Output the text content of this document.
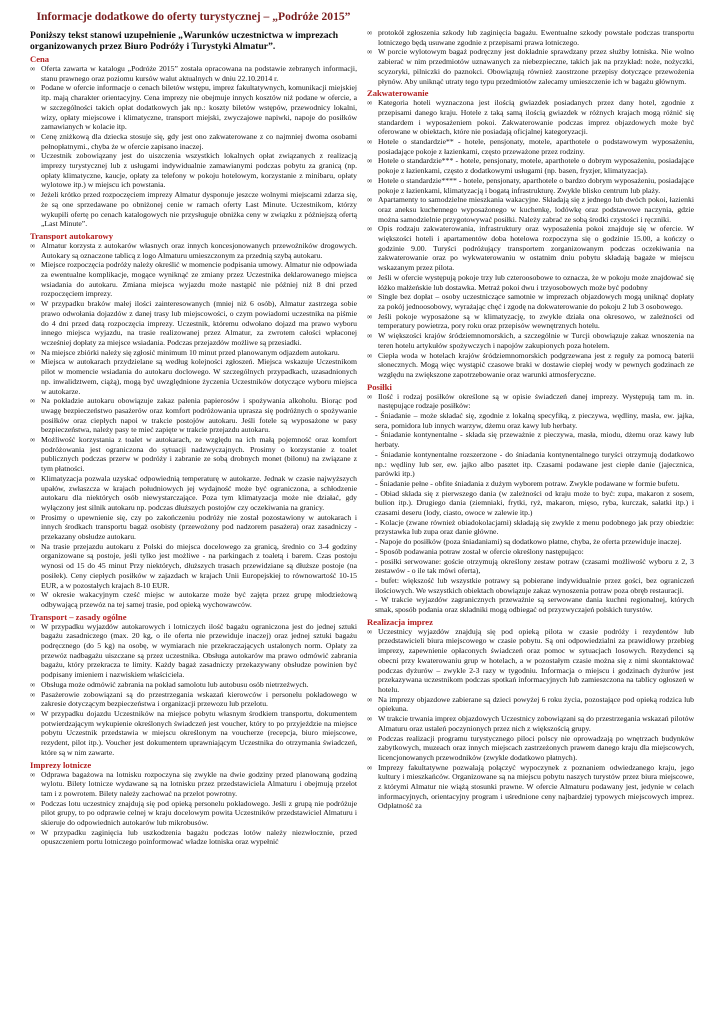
Informacje dodatkowe do oferty turystycznej – „Podróże 2015”

Poniższy tekst stanowi uzupełnienie „Warunków uczestnictwa w imprezach organizowanych przez Biuro Podróży i Turystyki Almatur”.

Cena
∞ Oferta zawarta w katalogu „Podróże 2015” została opracowana na podstawie zebranych informacji, stanu prawnego oraz poziomu kursów walut aktualnych w dniu 22.10.2014 r.
∞ Podane w ofercie informacje o cenach biletów wstępu, imprez fakultatywnych, komunikacji miejskiej itp. mają charakter orientacyjny. Cena imprezy nie obejmuje innych kosztów niż podane w ofercie, a w szczególności takich opłat dodatkowych jak np.: koszty biletów wstępów, przewodnicy lokalni, wizy, opłaty miejscowe i klimatyczne, transport miejski, zwyczajowe napiwki, napoje do posiłków zamawianych w kolacie itp.
∞ Cenę zniżkową dla dziecka stosuje się, gdy jest ono zakwaterowane z co najmniej dwoma osobami pełnopłatnymi., chyba że w ofercie zapisano inaczej.
∞ Uczestnik zobowiązany jest do uiszczenia wszystkich lokalnych opłat związanych z realizacją imprezy turystycznej lub z usługami indywidualnie zamawianymi podczas pobytu za granicą (np. opłaty klimatyczne, kaucje, opłaty za telefony w pokoju hotelowym, korzystanie z minibaru, opłaty wylotowe itp.) w miejscu ich powstania.
∞ Jeżeli krótko przed rozpoczęciem imprezy Almatur dysponuje jeszcze wolnymi miejscami zdarza się, że są one sprzedawane po obniżonej cenie w ramach oferty Last Minute. Uczestnikom, którzy wykupili ofertę po cenach katalogowych nie przysługuje obniżka ceny w związku z późniejszą ofertą „Last Minute”.
Transport autokarowy
∞ Almatur korzysta z autokarów własnych oraz innych koncesjonowanych przewoźników drogowych. Autokary są oznaczone tablicą z logo Almaturu umieszczonym za przednią szybą autokaru.
∞ Miejsce rozpoczęcia podróży należy określić w momencie podpisania umowy. Almatur nie odpowiada za ewentualne komplikacje, mogące wyniknąć ze zmiany przez Uczestnika deklarowanego miejsca wsiadania do autokaru. Zmiana miejsca wyjazdu może nastąpić nie później niż 8 dni przed rozpoczęciem imprezy.
∞ W przypadku braków małej ilości zainteresowanych (mniej niż 6 osób), Almatur zastrzega sobie prawo odwołania dojazdów z danej trasy lub miejscowości, o czym powiadomi uczestnika na piśmie do 4 dni przed datą rozpoczęcia imprezy. Uczestnik, któremu odwołano dojazd ma prawo wyboru innego miejsca wyjazdu, na trasie realizowanej przez Almatur, za zwrotem całości wpłaconej wcześniej dopłaty za miejsce wsiadania. Podczas przejazdów możliwe są przesiadki.
∞ Na miejsce zbiórki należy się zgłosić minimum 10 minut przed planowanym odjazdem autokaru.
∞ Miejsca w autokarach przydzielane są według kolejności zgłoszeń. Miejsca wskazuje Uczestnikom pilot w momencie wsiadania do autokaru doclowego. W szczególnych przypadkach, uzasadnionych np. inwalidztwem, ciążą), mogą być uwzględnione życzenia Uczestników dotyczące wyboru miejsca w autokarze.
∞ Na pokładzie autokaru obowiązuje zakaz palenia papierosów i spożywania alkoholu. Biorąc pod uwagę bezpieczeństwo pasażerów oraz komfort podróżowania uprasza się podróżnych o spożywanie posiłków oraz ciepłych napoi w trakcie postojów autokaru. Jeśli fotele są wyposażone w pasy bezpieczeństwa, należy pasy te mieć zapięte w trakcie przejazdu autokaru.
∞ Możliwość korzystania z toalet w autokarach, ze względu na ich małą pojemność oraz komfort podróżowania jest ograniczona do sytuacji nadzwyczajnych. Prosimy o korzystanie z toalet publicznych podczas przerw w podróży i zabranie ze sobą drobnych monet (bilonu) na związane z tym płatności.
∞ Klimatyzacja pozwala uzyskać odpowiednią temperaturę w autokarze. Jednak w czasie najwyższych upałów, zwłaszcza w krajach południowych jej wydajność może być ograniczona, a schłodzenie autokaru dla niektórych osób niewystarczające. Poza tym klimatyzacja może nie działać, gdy wyłączony jest silnik autokaru np. podczas dłuższych postojów czy oczekiwania na granicy.
∞ Prosimy o upewnienie się, czy po zakończeniu podróży nie został pozostawiony w autokarach i innych środkach transportu bagaż osobisty (przewożony pod nadzorem pasażera) oraz zasadniczy - przekazany obsłudze autokaru.
∞ Na trasie przejazdu autokaru z Polski do miejsca docelowego za granicą, średnio co 3-4 godziny organizowane są postoje, jeśli tylko jest możliwe - na parkingach z toaletą i barem. Czas postoju wynosi od 15 do 45 minut Przy niektórych, dłuższych trasach przewidziane są dłuższe postoje (na posiłek). Ceny ciepłych posiłków w zajazdach w krajach Unii Europejskiej to równowartość 10-15 EUR, a w pozostałych krajach 8-10 EUR.
∞ W okresie wakacyjnym cześć miejsc w autokarze może być zajęta przez grupę młodzieżową odbywającą przewóz na tej samej trasie, pod opieką wychowawców.
Transport – zasady ogólne
∞ W przypadku wyjazdów autokarowych i lotniczych ilość bagażu ograniczona jest do jednej sztuki bagażu zasadniczego (max. 20 kg, o ile oferta nie przewiduje inaczej) oraz jednej sztuki bagażu podręcznego (do 5 kg) na osobę, w wymiarach nie przekraczających ustalonych norm. Opłaty za przewóz nadbagażu uiszczane są przez uczestnika. Obsługa autokarów ma prawo odmówić zabrania bagażu, który przekracza te limity. Każdy bagaż zasadniczy przekazywany obsłudze powinien być podpisany imieniem i nazwiskiem właściciela.
∞ Obsługa może odmówić zabrania na pokład samolotu lub autobusu osób nietrzeźwych.
∞ Pasażerowie zobowiązani są do przestrzegania wskazań kierowców i personelu pokładowego w zakresie dotyczącym bezpieczeństwa i organizacji przewozu lub przelotu.
∞ W przypadku dojazdu Uczestników na miejsce pobytu własnym środkiem transportu, dokumentem potwierdzającym wykupienie określonych świadczeń jest voucher, który to po przyjeździe na miejsce pobytu Uczestnik przedstawia w miejscu określonym na voucherze (recepcja, biuro miejscowe, rezydent, pilot itp.). Voucher jest dokumentem uprawniającym Uczestnika do otrzymania świadczeń, które są w nim zawarte.
Imprezy lotnicze
∞ Odprawa bagażowa na lotnisku rozpoczyna się zwykle na dwie godziny przed planowaną godziną wylotu. Bilety lotnicze wydawane są na lotnisku przez przedstawiciela Almaturu i obejmują przelot tam i z powrotem. Bilety należy zachować na przelot powrotny.
∞ Podczas lotu uczestnicy znajdują się pod opieką personelu pokładowego. Jeśli z grupą nie podróżuje pilot grupy, to po odprawie celnej w kraju docelowym powita Uczestników przedstawiciel Almaturu i skieruje do odpowiednich autokarów lub mikrobusów.
∞ W przypadku zaginięcia lub uszkodzenia bagażu podczas lotów należy niezwłocznie, przed opuszczeniem portu lotniczego poinformować władze lotniska oraz wypełnić
∞ protokół zgłoszenia szkody lub zaginięcia bagażu. Ewentualne szkody powstałe podczas transportu lotniczego będą usuwane zgodnie z przepisami prawa lotniczego.
∞ W porcie wylotowym bagaż podręczny jest dokładnie sprawdzany przez służby lotniska. Nie wolno zabierać w nim przedmiotów uznawanych za niebezpieczne, takich jak na przykład: noże, nożyczki, scyzoryki, pilniczki do paznokci. Obowiązują również zaostrzone przepisy dotyczące przewożenia płynów. Aby uniknąć utraty tego typu przedmiotów zalecamy umieszczenie ich w bagażu głównym.
Zakwaterowanie
∞ Kategoria hoteli wyznaczona jest ilością gwiazdek posiadanych przez dany hotel, zgodnie z przepisami danego kraju. Hotele z taką samą ilością gwiazdek w różnych krajach mogą różnić się standardem i wyposażeniem pokoi. Zakwaterowanie podczas imprez objazdowych może być oferowane w obiektach, które nie posiadają oficjalnej kategoryzacji.
∞ Hotele o standardzie** - hotele, pensjonaty, motele, aparthotele o podstawowym wyposażeniu, posiadające pokoje z łazienkami, często przeważone przez rodziny.
∞ Hotele o standardzie*** - hotele, pensjonaty, motele, aparthotele o dobrym wyposażeniu, posiadające pokoje z łazienkami, często z dodatkowymi usługami (np. basen, fryzjer, klimatyzacja).
∞ Hotele o standardzie**** - hotele, pensjonaty, aparthotele o bardzo dobrym wyposażeniu, posiadające pokoje z łazienkami, klimatyzacją i bogatą infrastrukturę. Zwykle blisko centrum lub plaży.
∞ Apartamenty to samodzielne mieszkania wakacyjne. Składają się z jednego lub dwóch pokoi, łazienki oraz aneksu kuchennego wyposażonego w kuchenkę, lodówkę oraz podstawowe naczynia, gdzie można samodzielnie przygotowywać posiłki. Należy zabrać ze sobą środki czystości i ręczniki.
∞ Opis rodzaju zakwaterowania, infrastruktury oraz wyposażenia pokoi znajduje się w ofercie. W większości hoteli i apartamentów doba hotelowa rozpoczyna się o godzinie 15.00, a kończy o godzinie 9.00. Turyści podróżujący transportem zorganizowanym podczas oczekiwania na zakwaterowanie oraz po wykwaterowaniu w ostatnim dniu pobytu składają bagaże w miejscu wskazanym przez pilota.
∞ Jeśli w ofercie występują pokoje trzy lub czteroosobowe to oznacza, że w pokoju może znajdować się łóżko małżeńskie lub dostawka. Metraż pokoi dwu i trzyosobowych może być podobny
∞ Single bez dopłat – osoby uczestniczące samotnie w imprezach objazdowych mogą uniknąć dopłaty za pokój jednoosobowy, wyrażając chęć i zgodę na dokwaterowanie do pokoju 2 lub 3 osobowego.
∞ Jeśli pokoje wyposażone są w klimatyzację, to zwykle działa ona okresowo, w zależności od temperatury powietrza, pory roku oraz przepisów wewnętrznych hotelu.
∞ W większości krajów śródziemnomorskich, a szczególnie w Turcji obowiązuje zakaz wnoszenia na teren hotelu artykułów spożywczych i napojów zakupionych poza hotelem.
∞ Ciepła woda w hotelach krajów śródziemnomorskich podgrzewana jest z reguły za pomocą baterii słonecznych. Mogą więc wystąpić czasowe braki w dostawie ciepłej wody w pewnych godzinach ze względu na zwiększone zapotrzebowanie oraz warunki atmosferyczne.
Posiłki
∞ Ilość i rodzaj posiłków określone są w opisie świadczeń danej imprezy. Występują tam m. in. następujące rodzaje posiłków:
- Śniadanie – może składać się, zgodnie z lokalną specyfiką, z pieczywa, wędliny, masła, ew. jajka, sera, pomidora lub innych warzyw, dżemu oraz kawy lub herbaty.
- Śniadanie kontynentalne - składa się przeważnie z pieczywa, masła, miodu, dżemu oraz kawy lub herbaty.
- Śniadanie kontynentalne rozszerzone - do śniadania kontynentalnego turyści otrzymują dodatkowo np.: wędliny lub ser, ew. jajko albo pasztet itp. Czasami podawane jest ciepłe danie (jajecznica, parówki itp.)
- Śniadanie pełne - obfite śniadania z dużym wyborem potraw. Zwykle podawane w formie bufetu.
- Obiad składa się z pierwszego dania (w zależności od kraju może to być: zupa, makaron z sosem, bulion itp.). Drugiego dania (ziemniaki, frytki, ryż, makaron, mięso, ryba, kurczak, sałatki itp.) i czasami deseru (lody, ciasto, owoce w zalewie itp.)
- Kolacje (zwane również obiadokolacjami) składają się zwykle z menu podobnego jak przy obiedzie: przystawka lub zupa oraz danie główne.
- Napoje do posiłków (poza śniadaniami) są dodatkowo płatne, chyba, że oferta przewiduje inaczej.
- Sposób podawania potraw został w ofercie określony następująco:
- posiłki serwowane: gościе otrzymują określony zestaw potraw (czasami możliwość wyboru z 2, 3 zestawów - o ile tak mówi oferta),
- bufet: większość lub wszystkie potrawy są pobierane indywidualnie przez gości, bez ograniczeń ilościowych. We wszystkich obiektach obowiązuje zakaz wynoszenia potraw poza obręb restauracji.
- W trakcie wyjazdów zagranicznych przeważnie są serwowane dania kuchni regionalnej, których smak, sposób podania oraz składniki mogą odbiegać od przyzwyczajeń polskich turystów.
Realizacja imprez
∞ Uczestnicy wyjazdów znajdują się pod opieką pilota w czasie podróży i rezydentów lub przedstawicieli biura miejscowego w czasie pobytu. Są oni odpowiedzialni za prawidłowy przebieg imprezy, zapewnienie opłaconych świadczeń oraz pomoc w sytuacjach losowych. Rezydenci są obecni przy kwaterowaniu grup w hotelach, a w pozostałym czasie można się z nimi skontaktować podczas dyżurów – zwykle 2-3 razy w tygodniu. Informacja o miejscu i godzinach dyżurów jest przekazywana uczestnikom podczas spotkań informacyjnych lub zamieszczona na tablicy ogłoszeń w hotelu.
∞ Na imprezy objazdowe zabierane są dzieci powyżej 6 roku życia, pozostające pod opieką rodzica lub opiekuna.
∞ W trakcie trwania imprez objazdowych Uczestnicy zobowiązani są do przestrzegania wskazań pilotów Almaturu oraz ustaleń poczynionych przez nich z większością grupy.
∞ Podczas realizacji programu turystycznego piloci polscy nie oprowadzają po wnętrzach budynków zabytkowych, muzeach oraz innych miejscach zastrzeżonych prawem danego kraju dla miejscowych, licencjonowanych przewodników (zwykle dodatkowo płatnych).
∞ Imprezy fakultatywne pozwalają połączyć wypoczynek z poznaniem odwiedzanego kraju, jego kultury i mieszkańców. Organizowane są na miejscu pobytu naszych turystów przez biura miejscowe, z którymi Almatur nie wiążą stosunki prawne. W ofercie Almaturu podawany jest, jedynie w celach informacyjnych, orientacyjny program i uśrednione ceny najbardziej typowych miejscowych imprez. Odpłatność za
